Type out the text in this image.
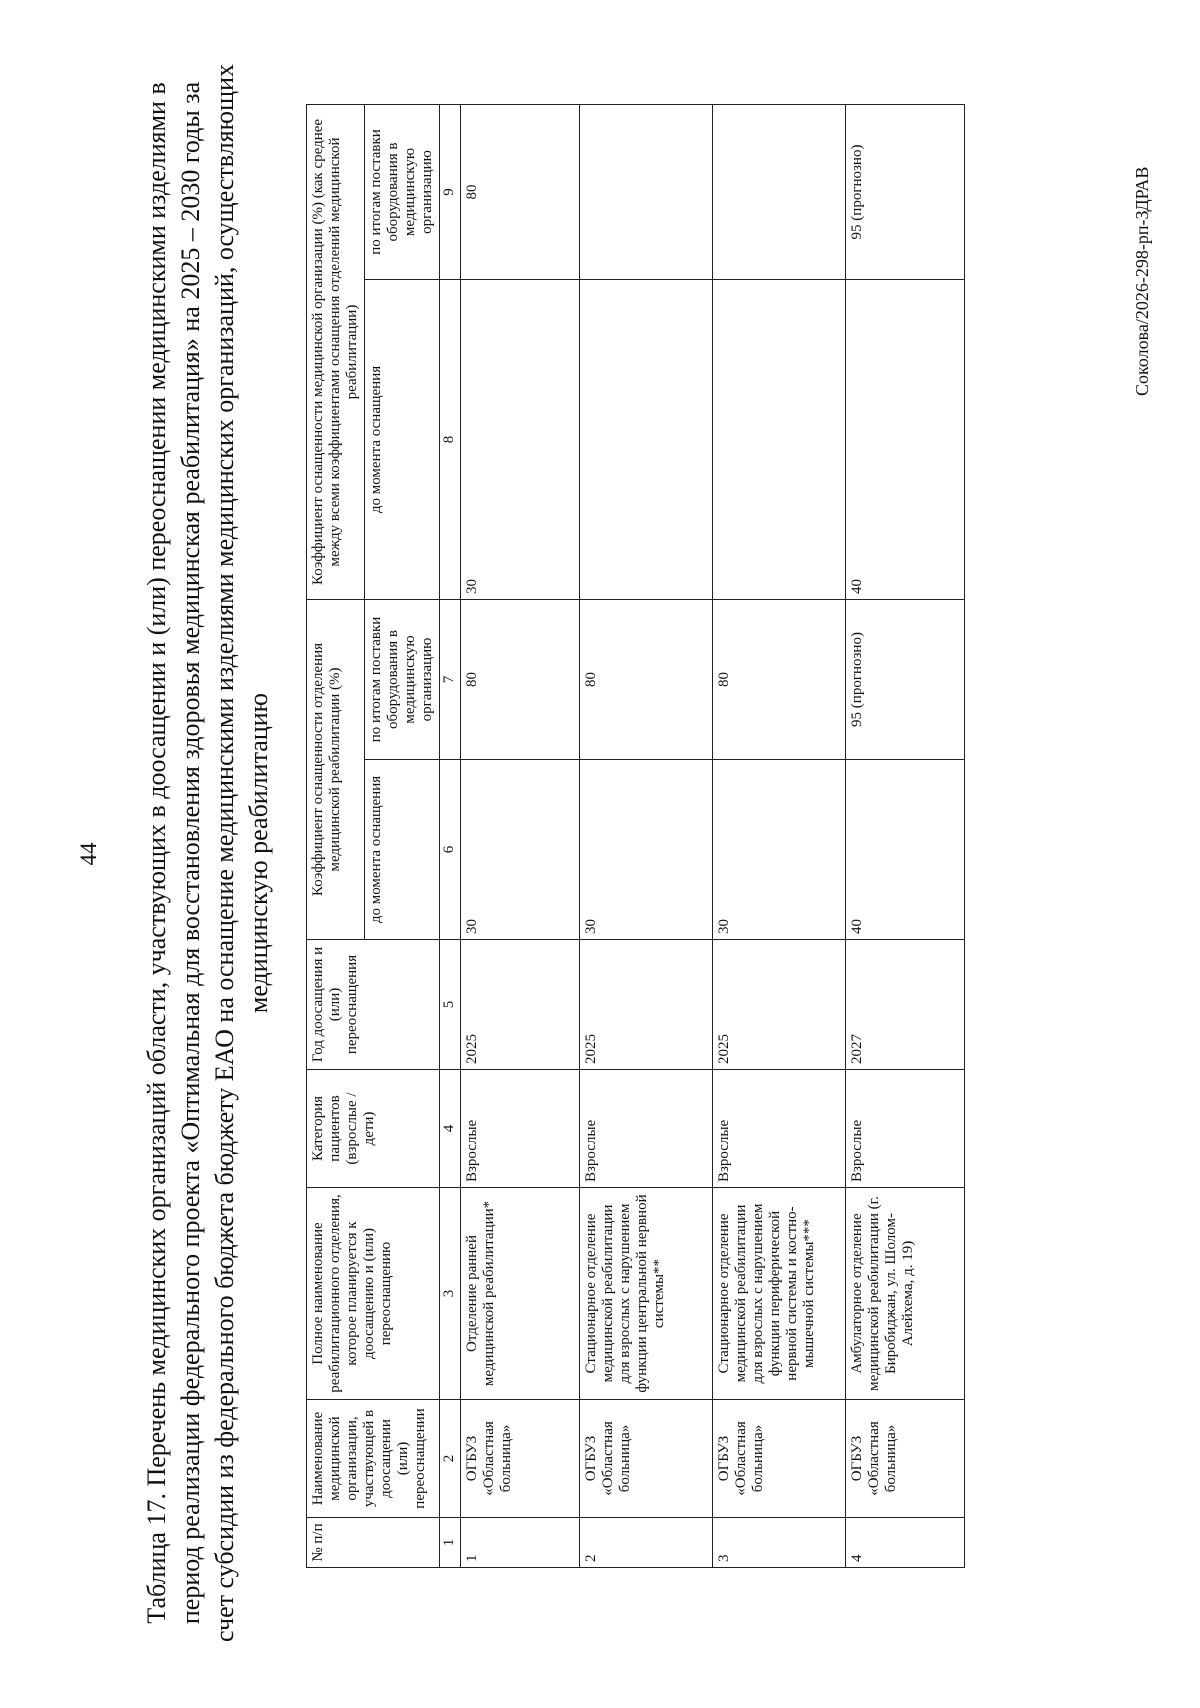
44 Таблица 17. Перечень медицинских организаций области, участвующих в доосащении и (или) переоснащении медицинскими изделиями в период реализации федерального проекта «Оптимальная для восстановления здоровья медицинская реабилитация» на 2025 – 2030 годы за счет субсидии из федерального бюджета бюджету ЕАО на оснащение медицинскими изделиями медицинских организаций, осуществляющих медицинскую реабилитацию
№ п/п	Наименование медицинской организации, участвующей в доосащении (или) переоснащении	Полное наименование реабилитационного отделения, которое планируется к доосащению и (или) переоснащению	Категория пациентов (взрослые / дети)	Год доосащения и (или) переоснащения	Коэффициент оснащенности отделения медицинской реабилитации (%)		Коэффициент оснащенности медицинской организации (%) (как среднее между всеми коэффициентами оснащения отделений медицинской реабилитации)	
					до момента оснащения	по итогам поставки оборудования в медицинскую организацию	до момента оснащения	по итогам поставки оборудования в медицинскую организацию
1	2	3	4	5	6	7	8	9
1	ОГБУЗ «Областная больница»	Отделение ранней медицинской реабилитации*	Взрослые	2025	30	80	30	80
2	ОГБУЗ «Областная больница»	Стационарное отделение медицинской реабилитации для взрослых с нарушением функции центральной нервной системы**	Взрослые	2025	30	80		
3	ОГБУЗ «Областная больница»	Стационарное отделение медицинской реабилитации для взрослых с нарушением функции периферической нервной системы и костно-мышечной системы***	Взрослые	2025	30	80		
4	ОГБУЗ «Областная больница»	Амбулаторное отделение медицинской реабилитации (г. Биробиджан, ул. Шолом-Алейхема, д. 19)	Взрослые	2027	40	95 (прогнозно)	40	95 (прогнозно)	Соколова/2026-298-рп-ЗДРАВ
